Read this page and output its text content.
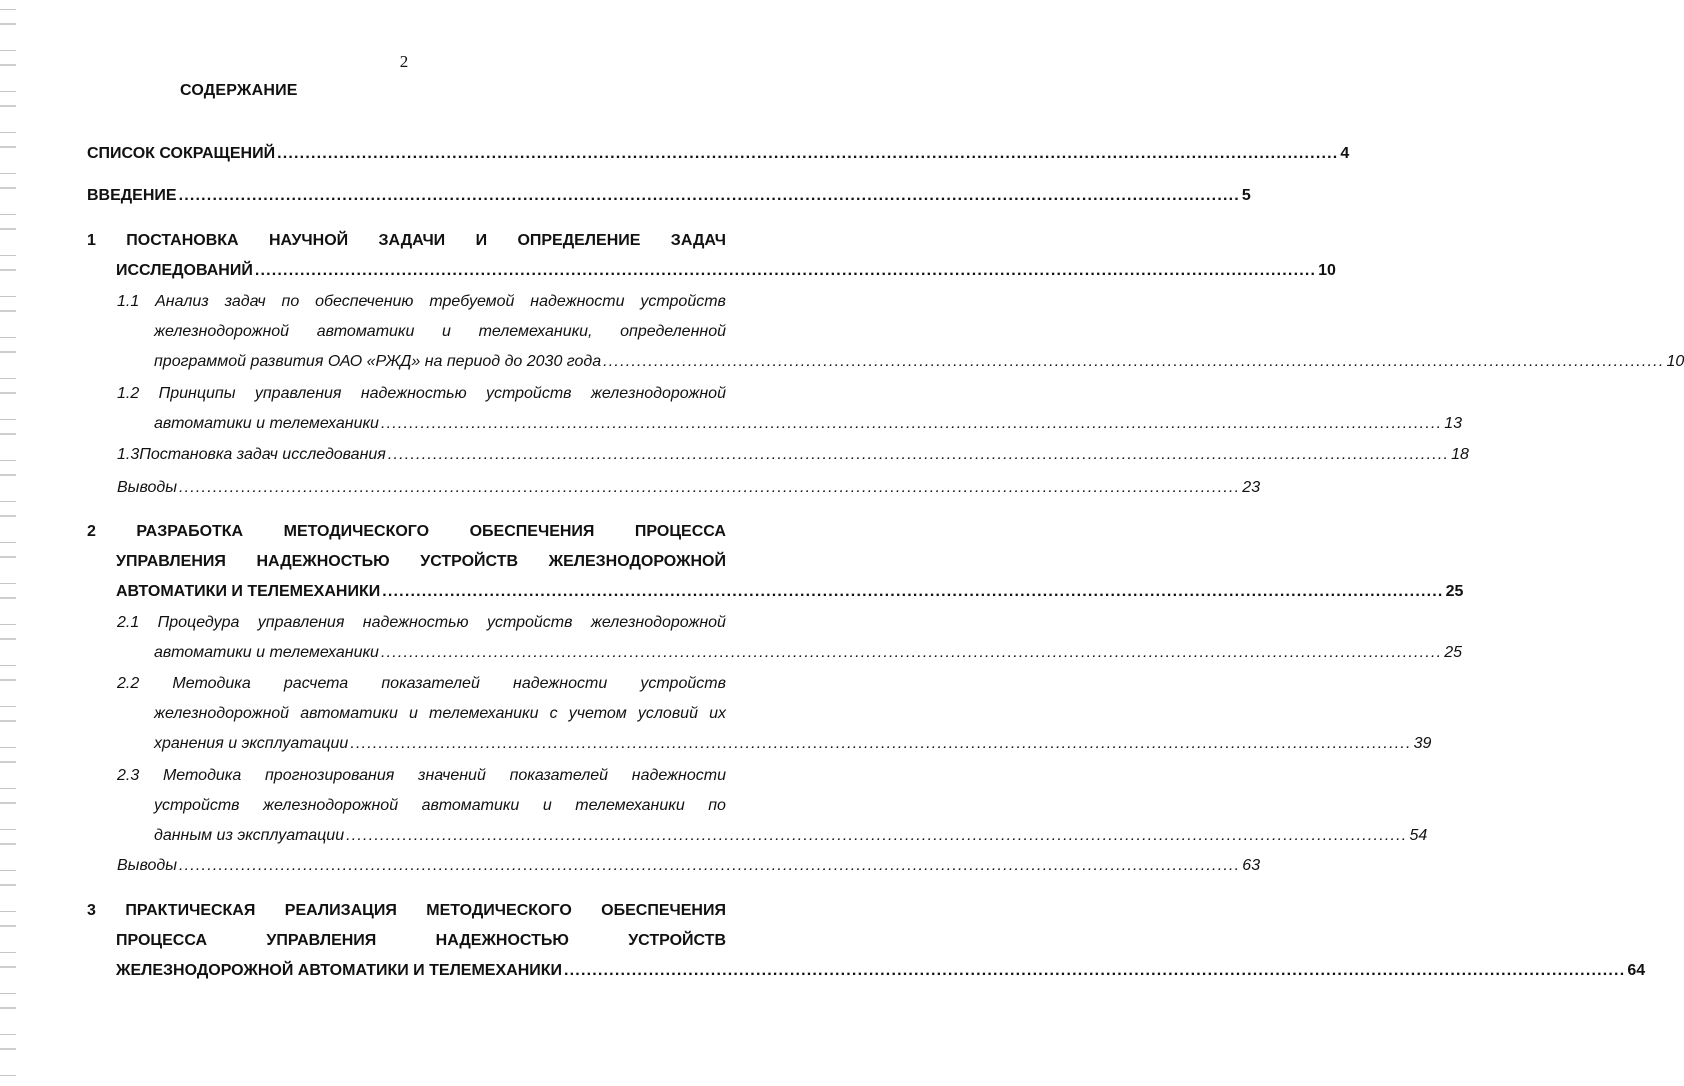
2
СОДЕРЖАНИЕ
СПИСОК СОКРАЩЕНИЙ ............................................................................................................................................................................................ 4
ВВЕДЕНИЕ ............................................................................................................................................................................................ 5
1 ПОСТАНОВКА НАУЧНОЙ ЗАДАЧИ И ОПРЕДЕЛЕНИЕ ЗАДАЧ
ИССЛЕДОВАНИЙ ............................................................................................................................................................................................ 10
1.1 Анализ задач по обеспечению требуемой надежности устройств
железнодорожной автоматики и телемеханики, определенной
программой развития ОАО «РЖД» на период до 2030 года ............................................................................................................................................................................................ 10
1.2 Принципы управления надежностью устройств железнодорожной
автоматики и телемеханики ............................................................................................................................................................................................ 13
1.3 Постановка задач исследования ............................................................................................................................................................................................ 18
Выводы ............................................................................................................................................................................................ 23
2	РАЗРАБОТКА	МЕТОДИЧЕСКОГО	ОБЕСПЕЧЕНИЯ	ПРОЦЕССА
УПРАВЛЕНИЯ НАДЕЖНОСТЬЮ УСТРОЙСТВ ЖЕЛЕЗНОДОРОЖНОЙ
АВТОМАТИКИ И ТЕЛЕМЕХАНИКИ ............................................................................................................................................................................................ 25
2.1 Процедура управления надежностью устройств железнодорожной
автоматики и телемеханики ............................................................................................................................................................................................ 25
2.2 Методика расчета показателей надежности устройств
железнодорожной автоматики и телемеханики с учетом условий их
хранения и эксплуатации ............................................................................................................................................................................................ 39
2.3 Методика прогнозирования значений показателей надежности
устройств железнодорожной автоматики и телемеханики по
данным из эксплуатации ............................................................................................................................................................................................ 54
Выводы ............................................................................................................................................................................................ 63
3 ПРАКТИЧЕСКАЯ РЕАЛИЗАЦИЯ МЕТОДИЧЕСКОГО ОБЕСПЕЧЕНИЯ
ПРОЦЕССА	УПРАВЛЕНИЯ	НАДЕЖНОСТЬЮ	УСТРОЙСТВ
ЖЕЛЕЗНОДОРОЖНОЙ АВТОМАТИКИ И ТЕЛЕМЕХАНИКИ ............................................................................................................................................................................................ 64
